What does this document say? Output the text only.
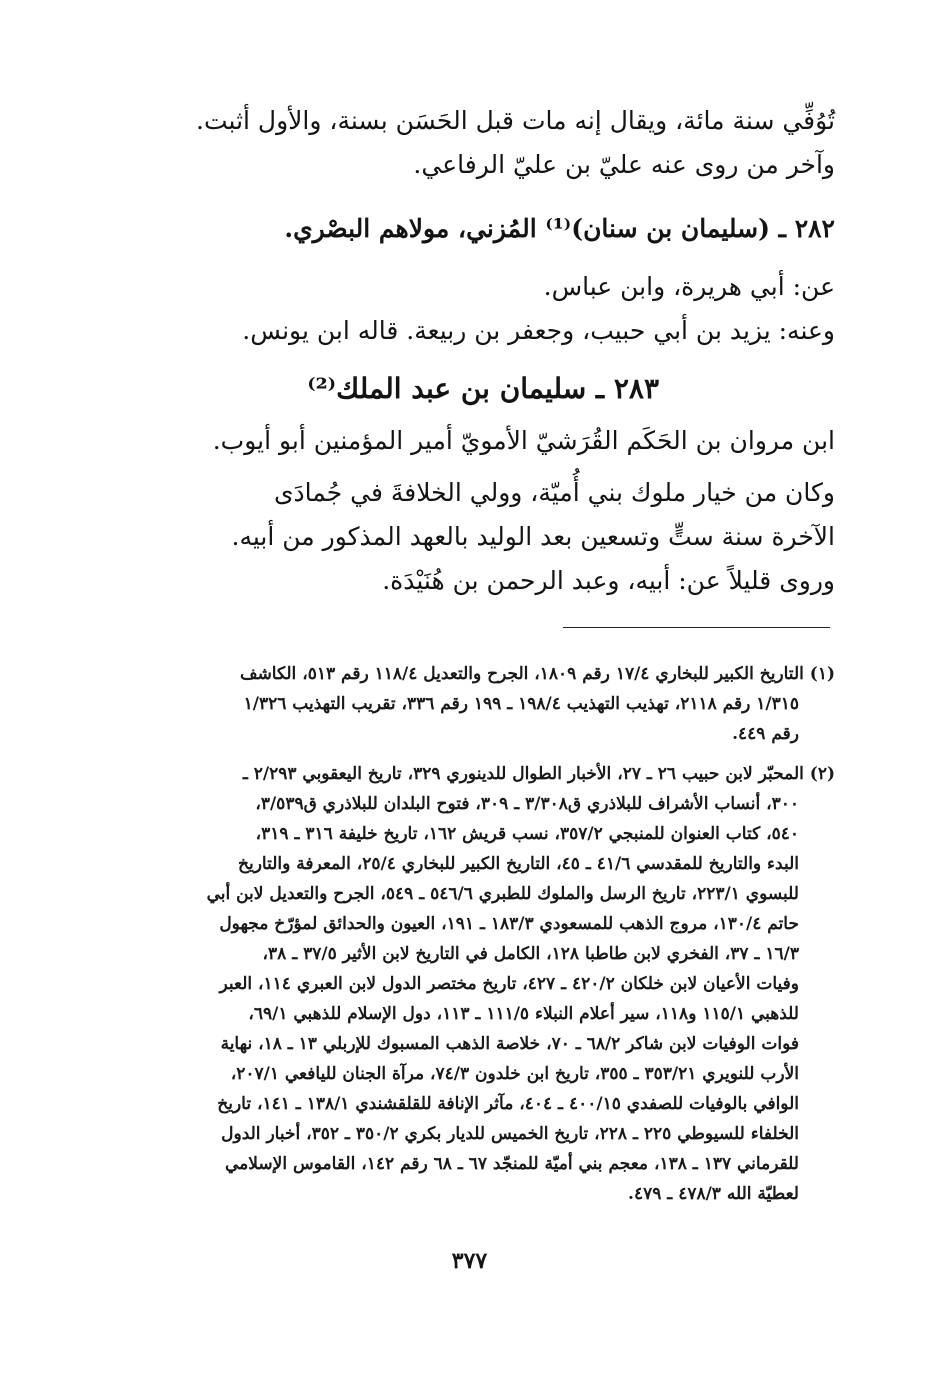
تُوُفِّي سنة مائة، ويقال إنه مات قبل الحَسَن بسنة، والأول أثبت.
وآخر من روى عنه عليّ بن عليّ الرفاعي.
٢٨٢ ـ (سليمان بن سنان)⁽¹⁾ المُزني، مولاهم البصْري.
عن: أبي هريرة، وابن عباس.
وعنه: يزيد بن أبي حبيب، وجعفر بن ربيعة. قاله ابن يونس.
٢٨٣ ـ سليمان بن عبد الملك⁽²⁾
ابن مروان بن الحَكَم القُرَشيّ الأمويّ أمير المؤمنين أبو أيوب.
وكان من خيار ملوك بني أُميّة، وولي الخلافةَ في جُمادَى
الآخرة سنة ستٍّ وتسعين بعد الوليد بالعهد المذكور من أبيه.
وروى قليلاً عن: أبيه، وعبد الرحمن بن هُنَيْدَة.
(١) التاريخ الكبير للبخاري ١٧/٤ رقم ١٨٠٩، الجرح والتعديل ١١٨/٤ رقم ٥١٣، الكاشف
١/٣١٥ رقم ٢١١٨، تهذيب التهذيب ١٩٨/٤ ـ ١٩٩ رقم ٣٣٦، تقريب التهذيب ١/٣٢٦
رقم ٤٤٩.
(٢) المحبّر لابن حبيب ٢٦ ـ ٢٧، الأخبار الطوال للدينوري ٣٢٩، تاريخ اليعقوبي ٢/٢٩٣ ـ
٣٠٠، أنساب الأشراف للبلاذري ق٣/٣٠٨ ـ ٣٠٩، فتوح البلدان للبلاذري ق٣/٥٣٩،
٥٤٠، كتاب العنوان للمنبجي ٣٥٧/٢، نسب قريش ١٦٢، تاريخ خليفة ٣١٦ ـ ٣١٩،
البدء والتاريخ للمقدسي ٤١/٦ ـ ٤٥، التاريخ الكبير للبخاري ٢٥/٤، المعرفة والتاريخ
للبسوي ٢٢٣/١، تاريخ الرسل والملوك للطبري ٥٤٦/٦ ـ ٥٤٩، الجرح والتعديل لابن أبي
حاتم ١٣٠/٤، مروج الذهب للمسعودي ١٨٣/٣ ـ ١٩١، العيون والحدائق لمؤرّخ مجهول
١٦/٣ ـ ٣٧، الفخري لابن طاطبا ١٢٨، الكامل في التاريخ لابن الأثير ٣٧/٥ ـ ٣٨،
وفيات الأعيان لابن خلكان ٤٢٠/٢ ـ ٤٢٧، تاريخ مختصر الدول لابن العبري ١١٤، العبر
للذهبي ١١٥/١ و١١٨، سير أعلام النبلاء ١١١/٥ ـ ١١٣، دول الإسلام للذهبي ٦٩/١،
فوات الوفيات لابن شاكر ٦٨/٢ ـ ٧٠، خلاصة الذهب المسبوك للإربلي ١٣ ـ ١٨، نهاية
الأرب للنويري ٣٥٣/٢١ ـ ٣٥٥، تاريخ ابن خلدون ٧٤/٣، مرآة الجنان لليافعي ٢٠٧/١،
الوافي بالوفيات للصفدي ٤٠٠/١٥ ـ ٤٠٤، مآثر الإنافة للقلقشندي ١٣٨/١ ـ ١٤١، تاريخ
الخلفاء للسيوطي ٢٢٥ ـ ٢٢٨، تاريخ الخميس للديار بكري ٣٥٠/٢ ـ ٣٥٢، أخبار الدول
للقرماني ١٣٧ ـ ١٣٨، معجم بني أميّة للمنجّد ٦٧ ـ ٦٨ رقم ١٤٢، القاموس الإسلامي
لعطيّة الله ٤٧٨/٣ ـ ٤٧٩.
٣٧٧
